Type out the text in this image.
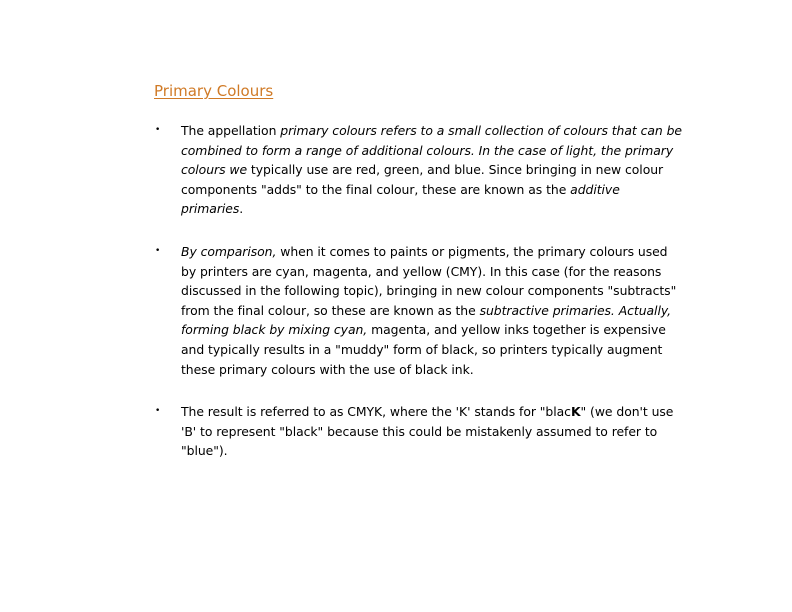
Primary Colours
• The appellation primary colours refers to a small collection of colours that can be combined to form a range of additional colours. In the case of light, the primary colours we typically use are red, green, and blue. Since bringing in new colour components "adds" to the final colour, these are known as the additive primaries.
• By comparison, when it comes to paints or pigments, the primary colours used by printers are cyan, magenta, and yellow (CMY). In this case (for the reasons discussed in the following topic), bringing in new colour components "subtracts" from the final colour, so these are known as the subtractive primaries. Actually, forming black by mixing cyan, magenta, and yellow inks together is expensive and typically results in a "muddy" form of black, so printers typically augment these primary colours with the use of black ink.
• The result is referred to as CMYK, where the 'K' stands for "blacK" (we don't use 'B' to represent "black" because this could be mistakenly assumed to refer to "blue").
